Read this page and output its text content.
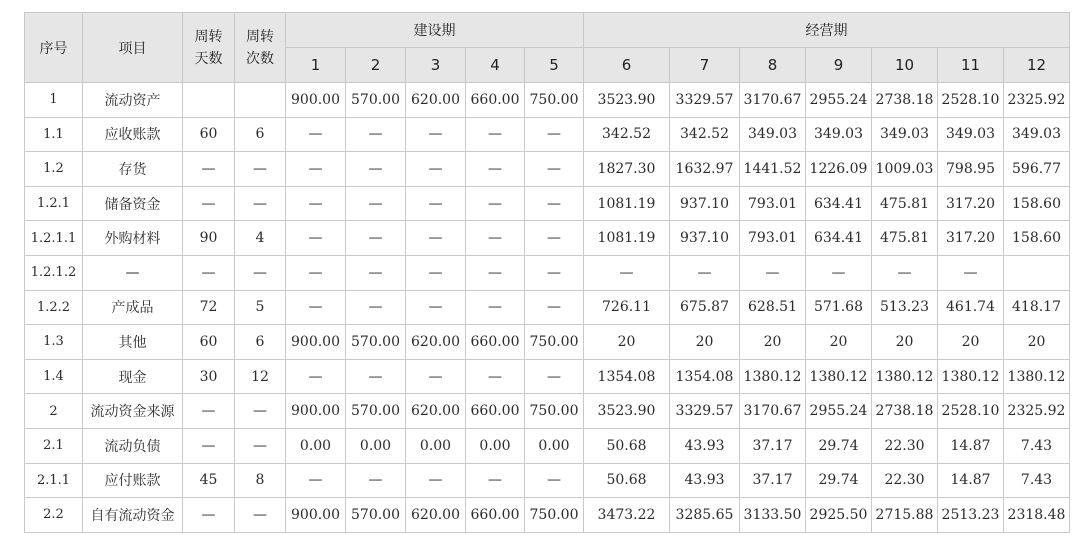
序号	项目	周转天数	周转次数	建设期					经营期						
				1	2	3	4	5	6	7	8	9	10	11	12
1	流动资产			900.00	570.00	620.00	660.00	750.00	3523.90	3329.57	3170.67	2955.24	2738.18	2528.10	2325.92
1.1	应收账款	60	6	—	—	—	—	—	342.52	342.52	349.03	349.03	349.03	349.03	349.03
1.2	存货	—	—	—	—	—	—	—	1827.30	1632.97	1441.52	1226.09	1009.03	798.95	596.77
1.2.1	储备资金	—	—	—	—	—	—	—	1081.19	937.10	793.01	634.41	475.81	317.20	158.60
1.2.1.1	外购材料	90	4	—	—	—	—	—	1081.19	937.10	793.01	634.41	475.81	317.20	158.60
1.2.1.2	—	—	—	—	—	—	—	—	—	—	—	—	—	—	
1.2.2	产成品	72	5	—	—	—	—	—	726.11	675.87	628.51	571.68	513.23	461.74	418.17
1.3	其他	60	6	900.00	570.00	620.00	660.00	750.00	20	20	20	20	20	20	20
1.4	现金	30	12	—	—	—	—	—	1354.08	1354.08	1380.12	1380.12	1380.12	1380.12	1380.12
2	流动资金来源	—	—	900.00	570.00	620.00	660.00	750.00	3523.90	3329.57	3170.67	2955.24	2738.18	2528.10	2325.92
2.1	流动负债	—	—	0.00	0.00	0.00	0.00	0.00	50.68	43.93	37.17	29.74	22.30	14.87	7.43
2.1.1	应付账款	45	8	—	—	—	—	—	50.68	43.93	37.17	29.74	22.30	14.87	7.43
2.2	自有流动资金	—	—	900.00	570.00	620.00	660.00	750.00	3473.22	3285.65	3133.50	2925.50	2715.88	2513.23	2318.48
